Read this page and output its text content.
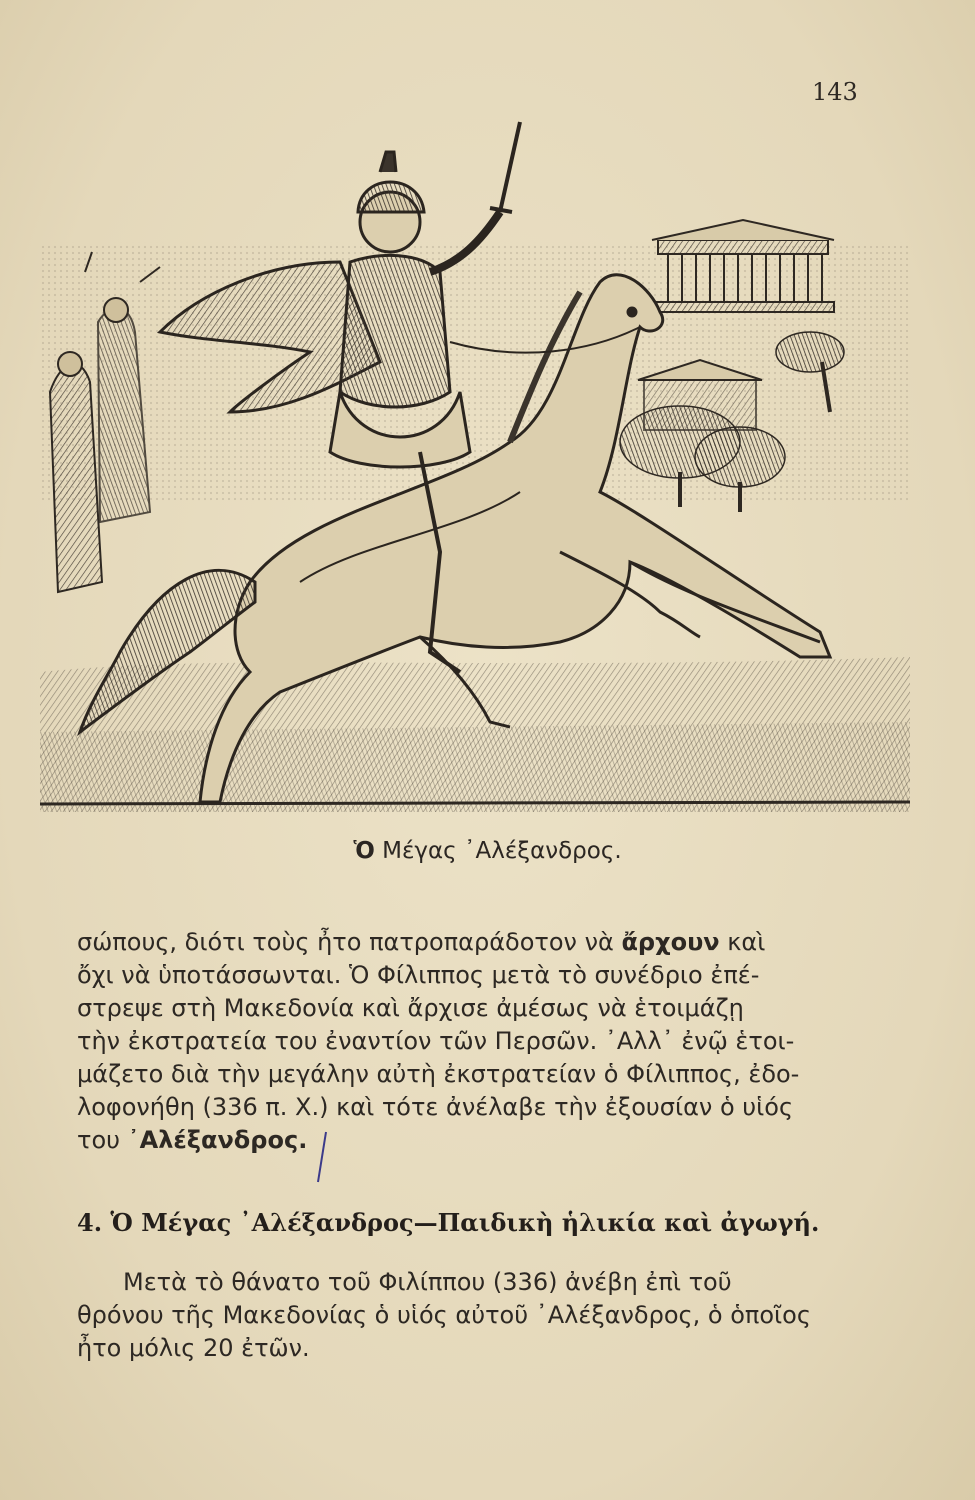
143
Ὁ Μέγας ᾿Αλέξανδρος.
σώπους, διότι τοὺς ἦτο πατροπαράδοτον νὰ ἄρχουν καὶ
ὄχι νὰ ὑποτάσσωνται. Ὁ Φίλιππος μετὰ τὸ συνέδριο ἐπέ-
στρεψε στὴ Μακεδονία καὶ ἄρχισε ἀμέσως νὰ ἑτοιμάζῃ
τὴν ἐκστρατεία του ἐναντίον τῶν Περσῶν. ᾿Αλλ᾿ ἐνῷ ἑτοι-
μάζετο διὰ τὴν μεγάλην αὐτὴ ἐκστρατείαν ὁ Φίλιππος, ἐδο-
λοφονήθη (336 π. Χ.) καὶ τότε ἀνέλαβε τὴν ἐξουσίαν ὁ υἱός
του ᾿Αλέξανδρος.
4. Ὁ Μέγας ᾿Αλέξανδρος—Παιδικὴ ἡλικία καὶ ἀγωγή.
Μετὰ τὸ θάνατο τοῦ Φιλίππου (336) ἀνέβη ἐπὶ τοῦ
θρόνου τῆς Μακεδονίας ὁ υἱός αὐτοῦ ᾿Αλέξανδρος, ὁ ὁποῖος
ἦτο μόλις 20 ἐτῶν.
